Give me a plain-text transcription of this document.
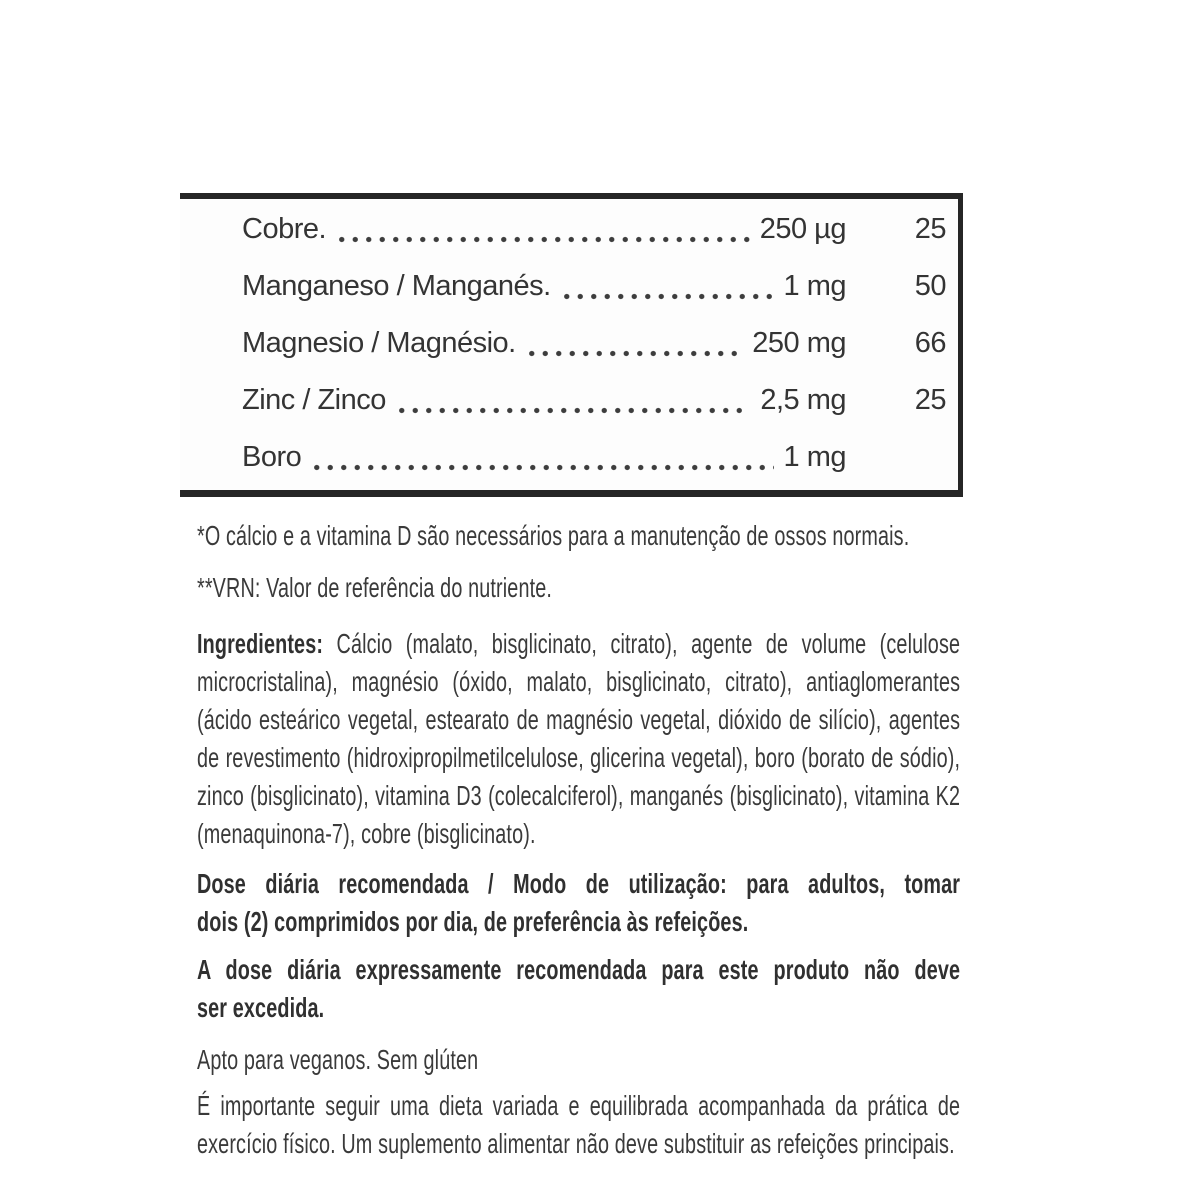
Cobre.	250 µg	25
Manganeso / Manganés.	1 mg	50
Magnesio / Magnésio.	250 mg	66
Zinc / Zinco	2,5 mg	25
Boro	1 mg

*O cálcio e a vitamina D são necessários para a manutenção de ossos normais.

**VRN: Valor de referência do nutriente.

Ingredientes: Cálcio (malato, bisglicinato, citrato), agente de volume (celulose microcristalina), magnésio (óxido, malato, bisglicinato, citrato), antiaglomerantes (ácido esteárico vegetal, estearato de magnésio vegetal, dióxido de silício), agentes de revestimento (hidroxipropilmetilcelulose, glicerina vegetal), boro (borato de sódio), zinco (bisglicinato), vitamina D3 (colecalciferol), manganés (bisglicinato), vitamina K2 (menaquinona-7), cobre (bisglicinato).

Dose diária recomendada / Modo de utilização: para adultos, tomar
dois (2) comprimidos por dia, de preferência às refeições.
A dose diária expressamente recomendada para este produto não deve
ser excedida.

Apto para veganos. Sem glúten

É importante seguir uma dieta variada e equilibrada acompanhada da prática de exercício físico. Um suplemento alimentar não deve substituir as refeições principais.
